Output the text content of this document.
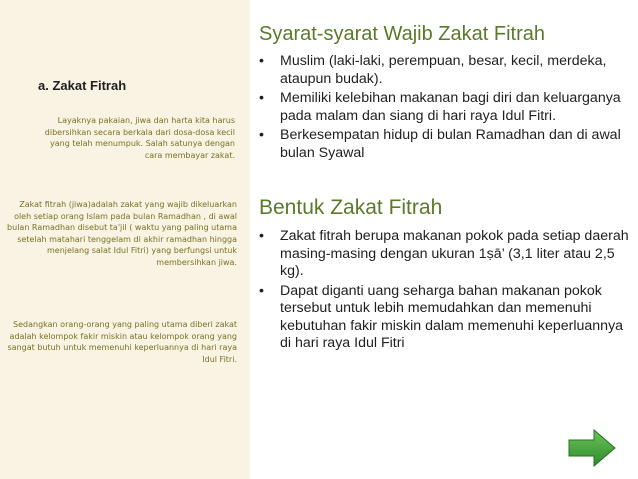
a. Zakat Fitrah
Layaknya pakaian, jiwa dan harta kita harus dibersihkan secara berkala dari dosa-dosa kecil yang telah menumpuk. Salah satunya dengan cara membayar zakat.
Zakat fitrah (jiwa)adalah zakat yang wajib dikeluarkan oleh setiap orang Islam pada bulan Ramadhan , di awal bulan Ramadhan disebut ta'jil ( waktu yang paling utama setelah matahari tenggelam di akhir ramadhan hingga menjelang salat Idul Fitri) yang berfungsi untuk membersihkan jiwa.
Sedangkan orang-orang yang paling utama diberi zakat adalah kelompok fakir miskin atau kelompok orang yang sangat butuh untuk memenuhi keperluannya di hari raya Idul Fitri.
Syarat-syarat Wajib Zakat Fitrah
• Muslim (laki-laki, perempuan, besar, kecil, merdeka, ataupun budak).
• Memiliki kelebihan makanan bagi diri dan keluarganya pada malam dan siang di hari raya Idul Fitri.
• Berkesempatan hidup di bulan Ramadhan dan di awal bulan Syawal
Bentuk Zakat Fitrah
• Zakat fitrah berupa makanan pokok pada setiap daerah masing-masing dengan ukuran 1ṣā’ (3,1 liter atau 2,5 kg).
• Dapat diganti uang seharga bahan makanan pokok tersebut untuk lebih memudahkan dan memenuhi kebutuhan fakir miskin dalam memenuhi keperluannya di hari raya Idul Fitri
